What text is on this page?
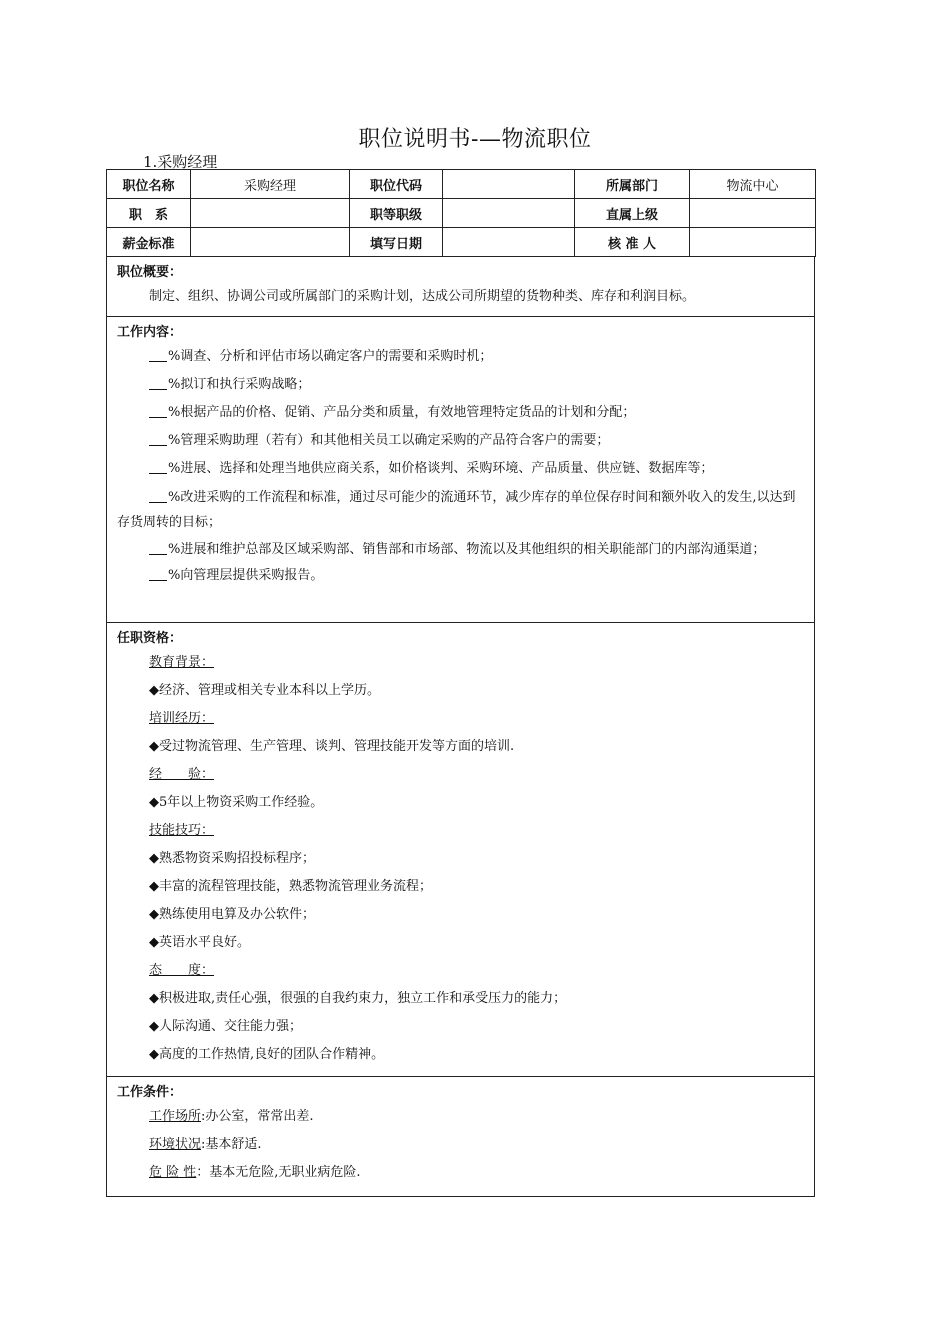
职位说明书-—物流职位
1.采购经理
职位名称	采购经理	职位代码		所属部门	物流中心
职　系		职等职级		直属上级	
薪金标准		填写日期		核 准 人	
职位概要：
制定、组织、协调公司或所属部门的采购计划，达成公司所期望的货物种类、库存和利润目标。
工作内容：
%调查、分析和评估市场以确定客户的需要和采购时机；
%拟订和执行采购战略；
%根据产品的价格、促销、产品分类和质量，有效地管理特定货品的计划和分配；
%管理采购助理（若有）和其他相关员工以确定采购的产品符合客户的需要；
%进展、选择和处理当地供应商关系，如价格谈判、采购环境、产品质量、供应链、数据库等；
%改进采购的工作流程和标准，通过尽可能少的流通环节，减少库存的单位保存时间和额外收入的发生,以达到存货周转的目标；
%进展和维护总部及区域采购部、销售部和市场部、物流以及其他组织的相关职能部门的内部沟通渠道；
%向管理层提供采购报告。
任职资格：
教育背景：
◆经济、管理或相关专业本科以上学历。
培训经历：
◆受过物流管理、生产管理、谈判、管理技能开发等方面的培训.
经　　验：
◆5年以上物资采购工作经验。
技能技巧：
◆熟悉物资采购招投标程序；
◆丰富的流程管理技能，熟悉物流管理业务流程；
◆熟练使用电算及办公软件；
◆英语水平良好。
态　　度：
◆积极进取,责任心强，很强的自我约束力，独立工作和承受压力的能力；
◆人际沟通、交往能力强；
◆高度的工作热情,良好的团队合作精神。
工作条件：
工作场所:办公室，常常出差.
环境状况:基本舒适.
危 险 性：基本无危险,无职业病危险.
